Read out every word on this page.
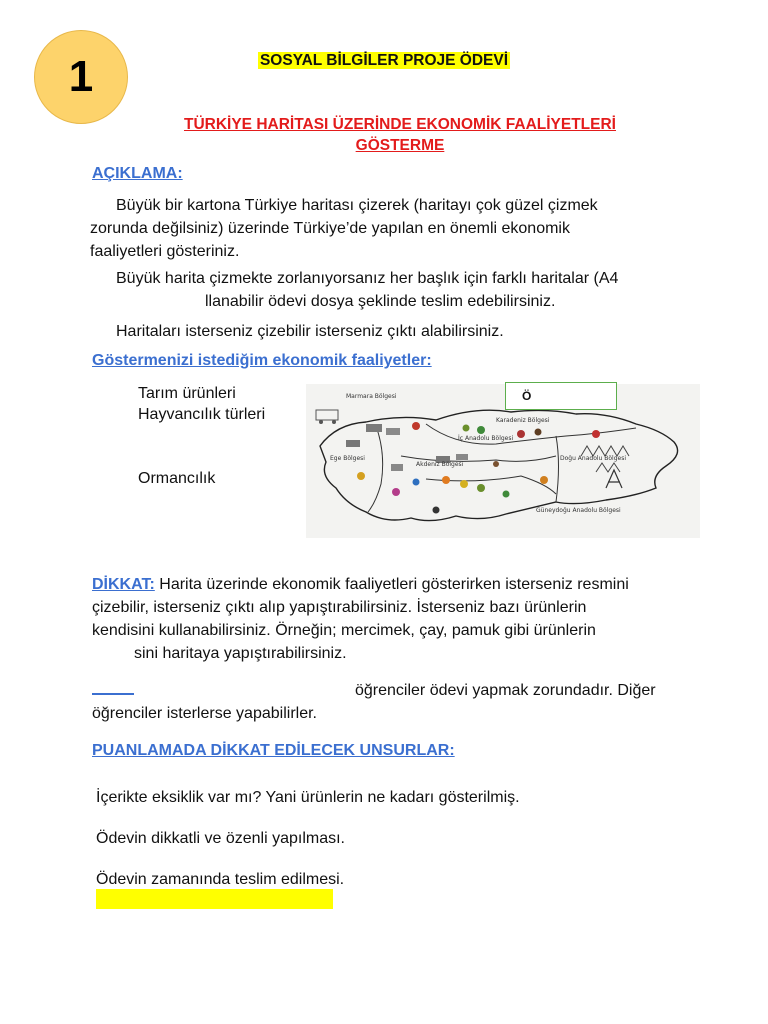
1	SOSYAL BİLGİLER PROJE ÖDEVİ
TÜRKİYE HARİTASI ÜZERİNDE EKONOMİK FAALİYETLERİ
GÖSTERME
AÇIKLAMA:
Büyük bir kartona Türkiye haritası çizerek (haritayı çok güzel çizmek
zorunda değilsiniz) üzerinde Türkiye’de yapılan en önemli ekonomik
faaliyetleri gösteriniz.
Büyük harita çizmekte zorlanıyorsanız her başlık için farklı haritalar (A4
llanabilir ödevi dosya şeklinde teslim edebilirsiniz.
Haritaları isterseniz çizebilir isterseniz çıktı alabilirsiniz.
Göstermenizi istediğim ekonomik faaliyetler:
Tarım ürünleri
Hayvancılık türleri
Ormancılık
Marmara Bölgesi
İç Anadolu Bölgesi
Doğu Anadolu Bölgesi
Akdeniz Bölgesi
Güneydoğu Anadolu Bölgesi
Ege Bölgesi
Karadeniz Bölgesi
Ö
DİKKAT: Harita üzerinde ekonomik faaliyetleri gösterirken isterseniz resmini
çizebilir, isterseniz çıktı alıp yapıştırabilirsiniz. İsterseniz bazı ürünlerin
kendisini kullanabilirsiniz. Örneğin; mercimek, çay, pamuk gibi ürünlerin
sini haritaya yapıştırabilirsiniz.
öğrenciler ödevi yapmak zorundadır. Diğer
öğrenciler isterlerse yapabilirler.
PUANLAMADA DİKKAT EDİLECEK UNSURLAR:
İçerikte eksiklik var mı? Yani ürünlerin ne kadarı gösterilmiş.
Ödevin dikkatli ve özenli yapılması.
Ödevin zamanında teslim edilmesi.
